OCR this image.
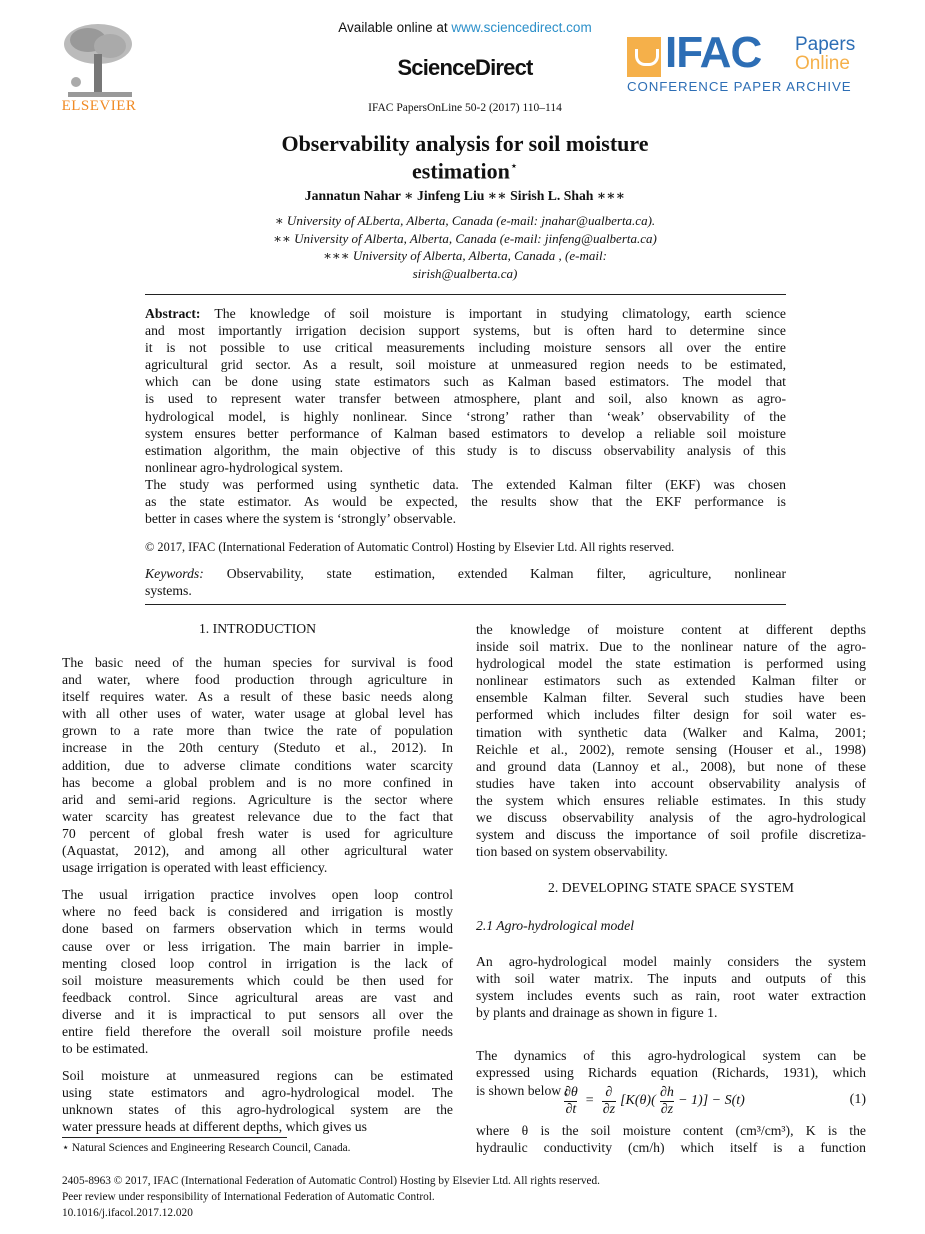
ELSEVIER
Available online at www.sciencedirect.com
ScienceDirect
IFAC PapersOnLine 50-2 (2017) 110–114
IFAC Papers
Online
CONFERENCE PAPER ARCHIVE
Observability analysis for soil moisture
estimation⋆
Jannatun Nahar ∗ Jinfeng Liu ∗∗ Sirish L. Shah ∗∗∗
∗ University of ALberta, Alberta, Canada (e-mail: jnahar@ualberta.ca).
∗∗ University of Alberta, Alberta, Canada (e-mail: jinfeng@ualberta.ca)
∗∗∗ University of Alberta, Alberta, Canada , (e-mail:
sirish@ualberta.ca)
Abstract: The knowledge of soil moisture is important in studying climatology, earth science
and most importantly irrigation decision support systems, but is often hard to determine since
it is not possible to use critical measurements including moisture sensors all over the entire
agricultural grid sector. As a result, soil moisture at unmeasured region needs to be estimated,
which can be done using state estimators such as Kalman based estimators. The model that
is used to represent water transfer between atmosphere, plant and soil, also known as agro-
hydrological model, is highly nonlinear. Since ‘strong’ rather than ‘weak’ observability of the
system ensures better performance of Kalman based estimators to develop a reliable soil moisture
estimation algorithm, the main objective of this study is to discuss observability analysis of this
nonlinear agro-hydrological system.
The study was performed using synthetic data. The extended Kalman filter (EKF) was chosen
as the state estimator. As would be expected, the results show that the EKF performance is
better in cases where the system is ‘strongly’ observable.
© 2017, IFAC (International Federation of Automatic Control) Hosting by Elsevier Ltd. All rights reserved.
Keywords: Observability, state estimation, extended Kalman filter, agriculture, nonlinear
systems.
1. INTRODUCTION
The basic need of the human species for survival is food
and water, where food production through agriculture in
itself requires water. As a result of these basic needs along
with all other uses of water, water usage at global level has
grown to a rate more than twice the rate of population
increase in the 20th century (Steduto et al., 2012). In
addition, due to adverse climate conditions water scarcity
has become a global problem and is no more confined in
arid and semi-arid regions. Agriculture is the sector where
water scarcity has greatest relevance due to the fact that
70 percent of global fresh water is used for agriculture
(Aquastat, 2012), and among all other agricultural water
usage irrigation is operated with least efficiency.
The usual irrigation practice involves open loop control
where no feed back is considered and irrigation is mostly
done based on farmers observation which in terms would
cause over or less irrigation. The main barrier in imple-
menting closed loop control in irrigation is the lack of
soil moisture measurements which could be then used for
feedback control. Since agricultural areas are vast and
diverse and it is impractical to put sensors all over the
entire field therefore the overall soil moisture profile needs
to be estimated.
Soil moisture at unmeasured regions can be estimated
using state estimators and agro-hydrological model. The
unknown states of this agro-hydrological system are the
water pressure heads at different depths, which gives us
⋆ Natural Sciences and Engineering Research Council, Canada.
the knowledge of moisture content at different depths
inside soil matrix. Due to the nonlinear nature of the agro-
hydrological model the state estimation is performed using
nonlinear estimators such as extended Kalman filter or
ensemble Kalman filter. Several such studies have been
performed which includes filter design for soil water es-
timation with synthetic data (Walker and Kalma, 2001;
Reichle et al., 2002), remote sensing (Houser et al., 1998)
and ground data (Lannoy et al., 2008), but none of these
studies have taken into account observability analysis of
the system which ensures reliable estimates. In this study
we discuss observability analysis of the agro-hydrological
system and discuss the importance of soil profile discretiza-
tion based on system observability.
2. DEVELOPING STATE SPACE SYSTEM
2.1 Agro-hydrological model
An agro-hydrological model mainly considers the system
with soil water matrix. The inputs and outputs of this
system includes events such as rain, root water extraction
by plants and drainage as shown in figure 1.
The dynamics of this agro-hydrological system can be
expressed using Richards equation (Richards, 1931), which
is shown below :
$\frac{\partial\theta}{\partial t}$ =
∂
∂z
$[K(\theta)( \frac{\partial h}{\partial z} - 1)] - S(t)$	(1)
where θ is the soil moisture content (cm³/cm³), K is the
hydraulic conductivity (cm/h) which itself is a function
2405-8963 © 2017, IFAC (International Federation of Automatic Control) Hosting by Elsevier Ltd. All rights reserved.
Peer review under responsibility of International Federation of Automatic Control.
10.1016/j.ifacol.2017.12.020
